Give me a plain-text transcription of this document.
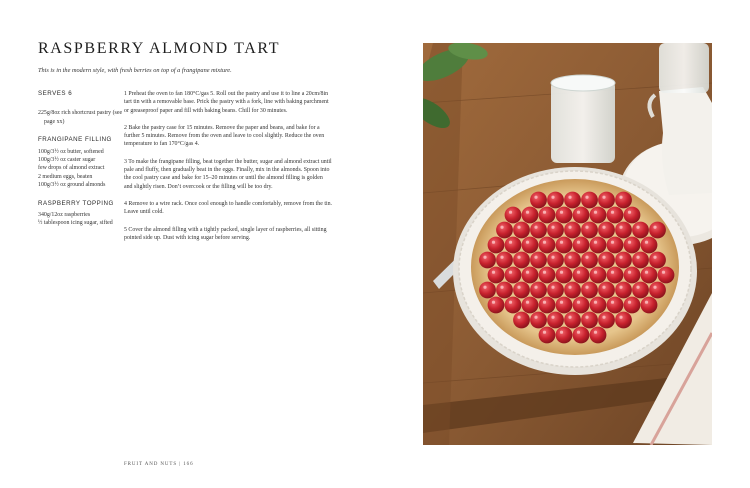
RASPBERRY ALMOND TART
This is in the modern style, with fresh berries on top of a frangipane mixture.
SERVES 6
225g/8oz rich shortcrust pastry (see page xx)
FRANGIPANE FILLING
100g/3½ oz butter, softened
100g/3½ oz caster sugar
few drops of almond extract
2 medium eggs, beaten
100g/3½ oz ground almonds
RASPBERRY TOPPING
340g/12oz raspberries
½ tablespoon icing sugar, sifted

1 Preheat the oven to fan 180°C/gas 5. Roll out the pastry and use it to line a 20cm/8in tart tin with a removable base. Prick the pastry with a fork, line with baking parchment or greaseproof paper and fill with baking beans. Chill for 30 minutes.

2 Bake the pastry case for 15 minutes. Remove the paper and beans, and bake for a further 5 minutes. Remove from the oven and leave to cool slightly. Reduce the oven temperature to fan 170°C/gas 4.

3 To make the frangipane filling, beat together the butter, sugar and almond extract until pale and fluffy, then gradually beat in the eggs. Finally, mix in the almonds. Spoon into the cool pastry case and bake for 15–20 minutes or until the almond filling is golden and slightly risen. Don’t overcook or the filling will be too dry.

4 Remove to a wire rack. Once cool enough to handle comfortably, remove from the tin. Leave until cold.

5 Cover the almond filling with a tightly packed, single layer of raspberries, all sitting pointed side up. Dust with icing sugar before serving.

FRUIT AND NUTS | 166
